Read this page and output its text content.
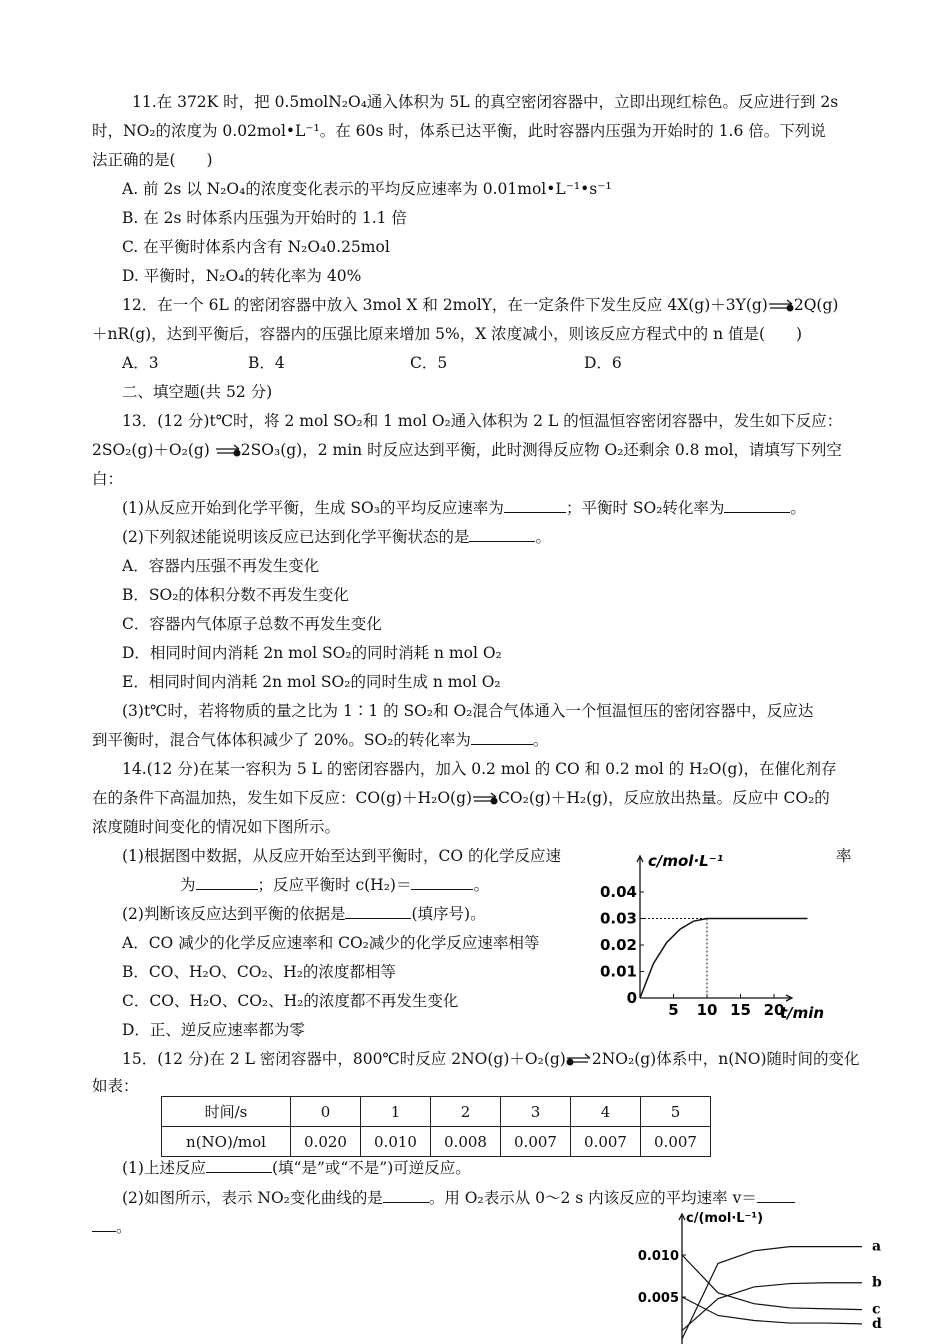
11.在 372K 时，把 0.5molN₂O₄通入体积为 5L 的真空密闭容器中，立即出现红棕色。反应进行到 2s
时，NO₂的浓度为 0.02mol•L⁻¹。在 60s 时，体系已达平衡，此时容器内压强为开始时的 1.6 倍。下列说
法正确的是(　　)
A. 前 2s 以 N₂O₄的浓度变化表示的平均反应速率为 0.01mol•L⁻¹•s⁻¹
B. 在 2s 时体系内压强为开始时的 1.1 倍
C. 在平衡时体系内含有 N₂O₄0.25mol
D. 平衡时，N₂O₄的转化率为 40%
12．在一个 6L 的密闭容器中放入 3mol X 和 2molY，在一定条件下发生反应 4X(g)＋3Y(g) 2Q(g)
＋nR(g)，达到平衡后，容器内的压强比原来增加 5%，X 浓度减小，则该反应方程式中的 n 值是(　　)
A．3	B．4	C．5	D．6
二、填空题(共 52 分)
13．(12 分)t℃时，将 2 mol SO₂和 1 mol O₂通入体积为 2 L 的恒温恒容密闭容器中，发生如下反应：
2SO₂(g)＋O₂(g) 2SO₃(g)，2 min 时反应达到平衡，此时测得反应物 O₂还剩余 0.8 mol，请填写下列空
白：
(1)从反应开始到化学平衡，生成 SO₃的平均反应速率为	；平衡时 SO₂转化率为	。
(2)下列叙述能说明该反应已达到化学平衡状态的是	。
A．容器内压强不再发生变化
B．SO₂的体积分数不再发生变化
C．容器内气体原子总数不再发生变化
D．相同时间内消耗 2n mol SO₂的同时消耗 n mol O₂
E．相同时间内消耗 2n mol SO₂的同时生成 n mol O₂
(3)t℃时，若将物质的量之比为 1∶1 的 SO₂和 O₂混合气体通入一个恒温恒压的密闭容器中，反应达
到平衡时，混合气体体积减少了 20%。SO₂的转化率为	。
14.(12 分)在某一容积为 5 L 的密闭容器内，加入 0.2 mol 的 CO 和 0.2 mol 的 H₂O(g)，在催化剂存
在的条件下高温加热，发生如下反应：CO(g)＋H₂O(g) CO₂(g)＋H₂(g)，反应放出热量。反应中 CO₂的
浓度随时间变化的情况如下图所示。
(1)根据图中数据，从反应开始至达到平衡时，CO 的化学反应速	率
为	；反应平衡时 c(H₂)＝	。
(2)判断该反应达到平衡的依据是	(填序号)。
A．CO 减少的化学反应速率和 CO₂减少的化学反应速率相等
B．CO、H₂O、CO₂、H₂的浓度都相等
C．CO、H₂O、CO₂、H₂的浓度都不再发生变化
D．正、逆反应速率都为零
c/mol·L⁻¹
t/min
0
0.01
0.02
0.03
0.04
5 10 15 20
15．(12 分)在 2 L 密闭容器中，800℃时反应 2NO(g)＋O₂(g)⇌2NO₂(g)体系中，n(NO)随时间的变化
如表：
时间/s	0	1	2	3	4	5
n(NO)/mol	0.020	0.010	0.008	0.007	0.007	0.007
(1)上述反应	(填“是”或“不是”)可逆反应。
(2)如图所示，表示 NO₂变化曲线的是	。用 O₂表示从 0～2 s 内该反应的平均速率 v＝
。	c/(mol·L⁻¹)
0.010
0.005
a
b
c
d
